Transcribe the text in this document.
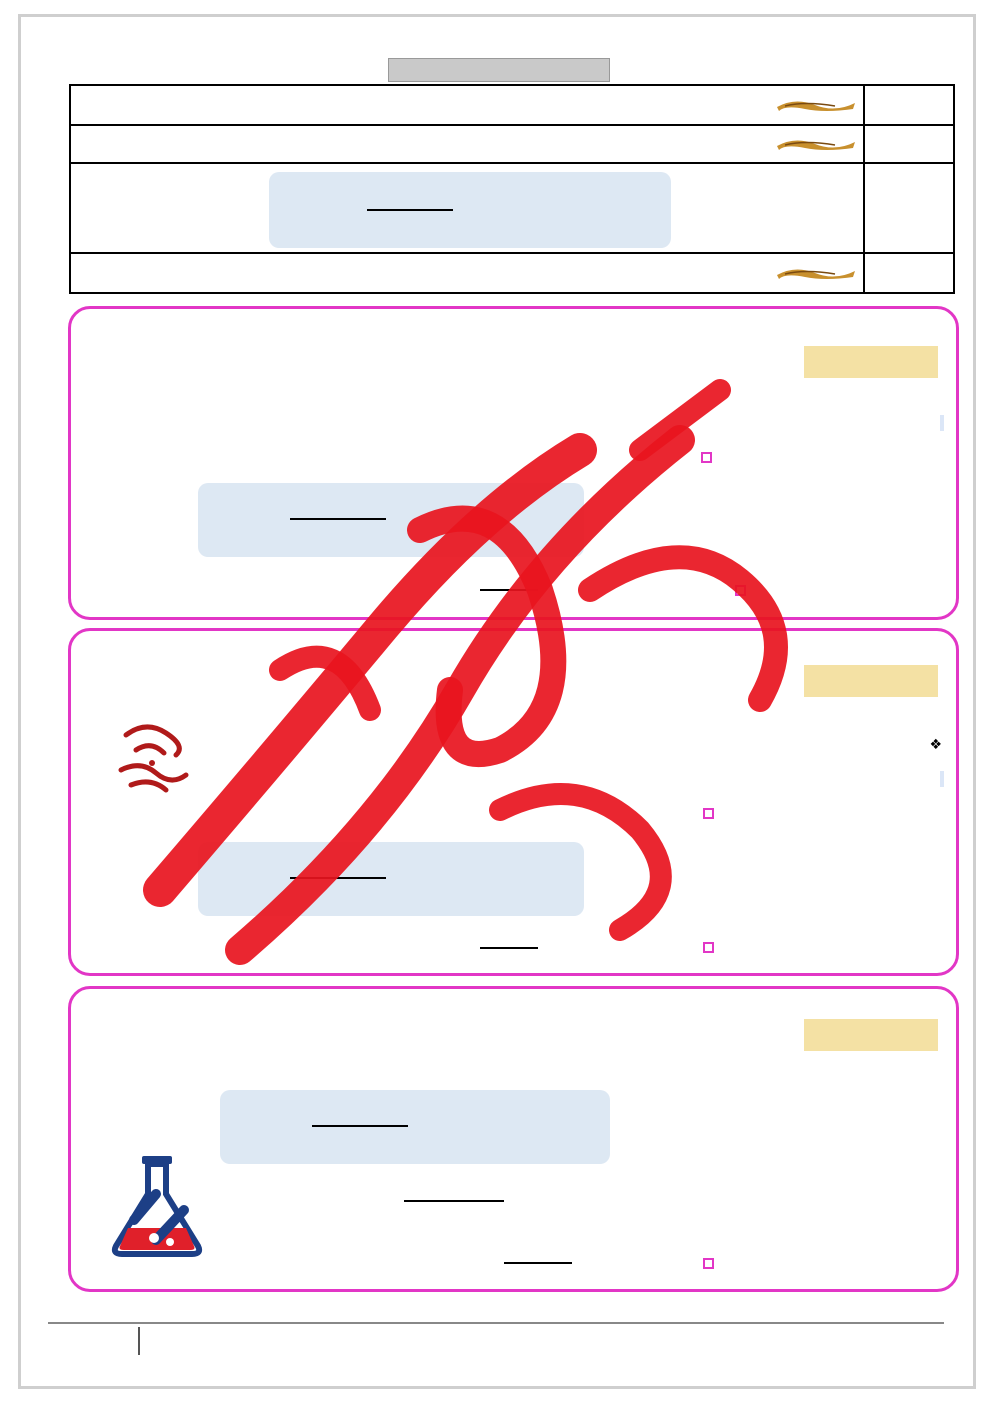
❖
